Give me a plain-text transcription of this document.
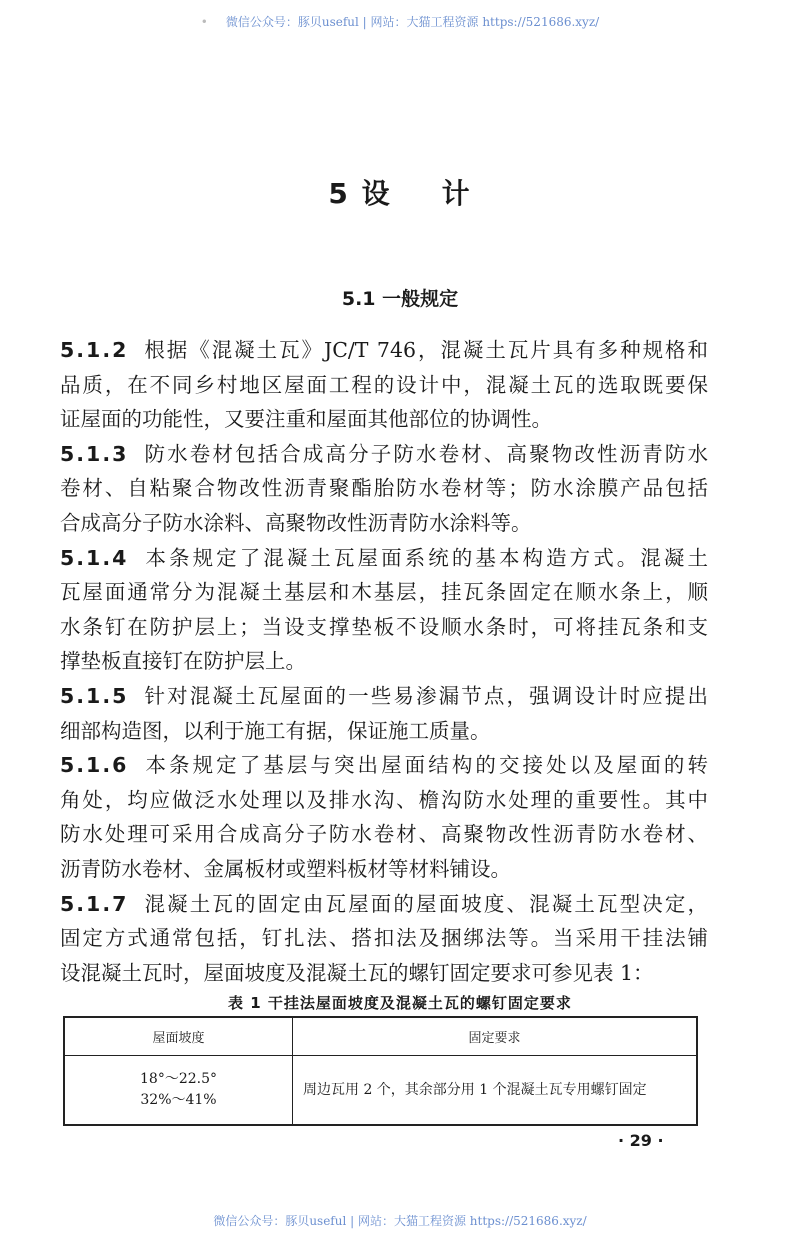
• 微信公众号：豚贝useful | 网站：大猫工程资源 https://521686.xyz/
5 设 计
5.1 一般规定
5.1.2 根据《混凝土瓦》JC/T 746，混凝土瓦片具有多种规格和
品质，在不同乡村地区屋面工程的设计中，混凝土瓦的选取既要保
证屋面的功能性，又要注重和屋面其他部位的协调性。
5.1.3 防水卷材包括合成高分子防水卷材、高聚物改性沥青防水
卷材、自粘聚合物改性沥青聚酯胎防水卷材等；防水涂膜产品包括
合成高分子防水涂料、高聚物改性沥青防水涂料等。
5.1.4 本条规定了混凝土瓦屋面系统的基本构造方式。混凝土
瓦屋面通常分为混凝土基层和木基层，挂瓦条固定在顺水条上，顺
水条钉在防护层上；当设支撑垫板不设顺水条时，可将挂瓦条和支
撑垫板直接钉在防护层上。
5.1.5 针对混凝土瓦屋面的一些易渗漏节点，强调设计时应提出
细部构造图，以利于施工有据，保证施工质量。
5.1.6 本条规定了基层与突出屋面结构的交接处以及屋面的转
角处，均应做泛水处理以及排水沟、檐沟防水处理的重要性。其中
防水处理可采用合成高分子防水卷材、高聚物改性沥青防水卷材、
沥青防水卷材、金属板材或塑料板材等材料铺设。
5.1.7 混凝土瓦的固定由瓦屋面的屋面坡度、混凝土瓦型决定，
固定方式通常包括，钉扎法、搭扣法及捆绑法等。当采用干挂法铺
设混凝土瓦时，屋面坡度及混凝土瓦的螺钉固定要求可参见表 1：
表 1 干挂法屋面坡度及混凝土瓦的螺钉固定要求
屋面坡度	固定要求
18°～22.5°
32%～41%	周边瓦用 2 个，其余部分用 1 个混凝土瓦专用螺钉固定
· 29 ·
微信公众号：豚贝useful | 网站：大猫工程资源 https://521686.xyz/
